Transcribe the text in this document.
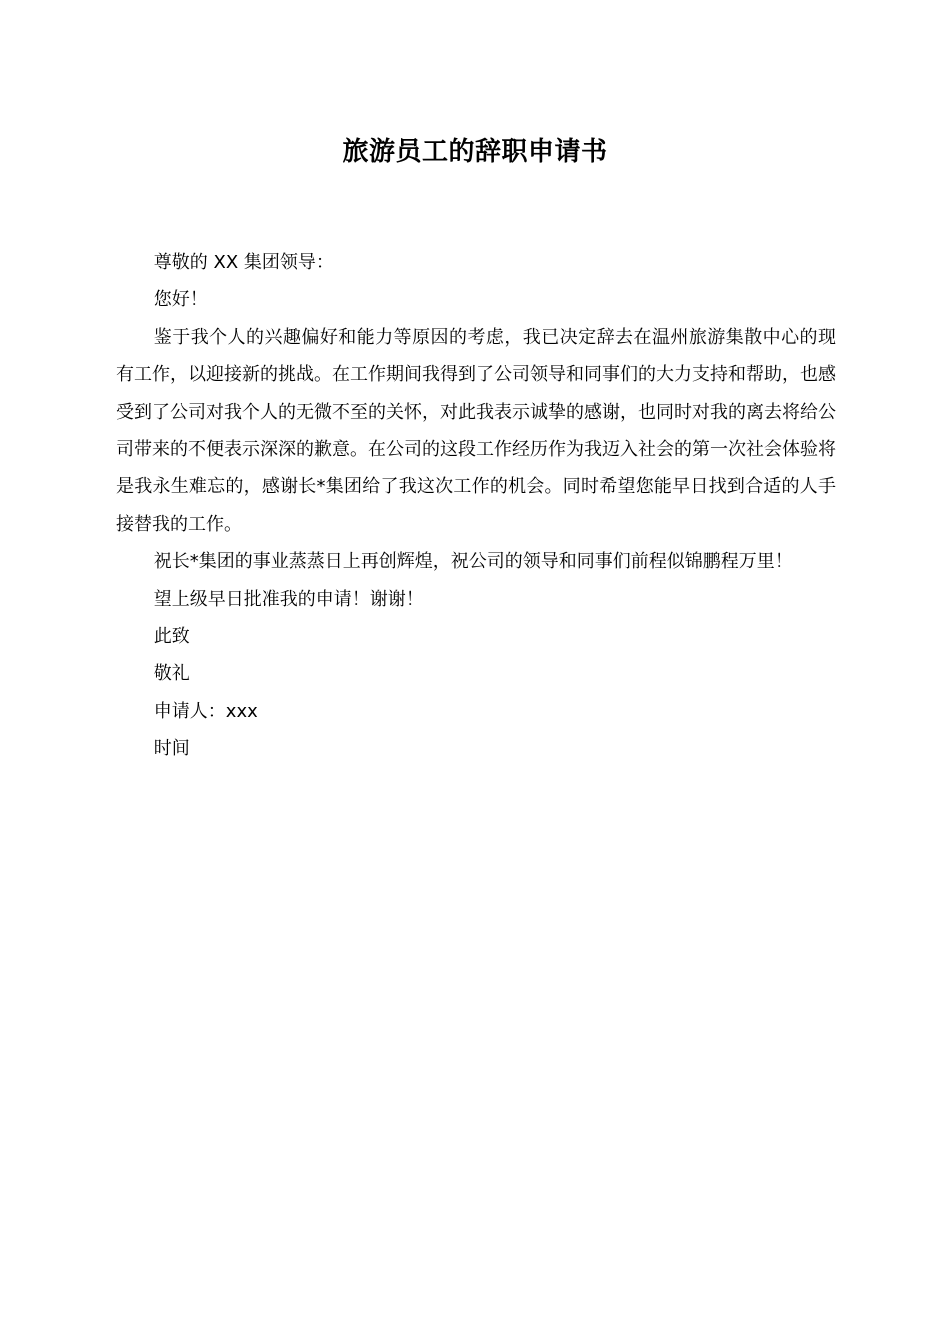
旅游员工的辞职申请书

尊敬的 XX 集团领导：

您好！

鉴于我个人的兴趣偏好和能力等原因的考虑，我已决定辞去在温州旅游集散中心的现有工作，以迎接新的挑战。在工作期间我得到了公司领导和同事们的大力支持和帮助，也感受到了公司对我个人的无微不至的关怀，对此我表示诚挚的感谢，也同时对我的离去将给公司带来的不便表示深深的歉意。在公司的这段工作经历作为我迈入社会的第一次社会体验将是我永生难忘的，感谢长*集团给了我这次工作的机会。同时希望您能早日找到合适的人手接替我的工作。

祝长*集团的事业蒸蒸日上再创辉煌，祝公司的领导和同事们前程似锦鹏程万里！

望上级早日批准我的申请！谢谢！

此致

敬礼

申请人：xxx

时间
